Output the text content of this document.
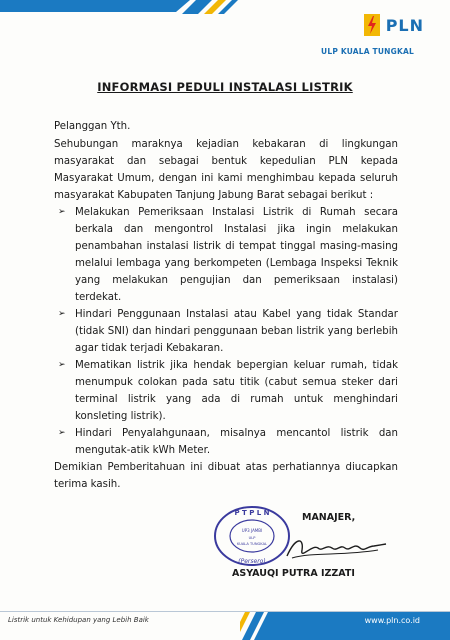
PLN
ULP KUALA TUNGKAL
INFORMASI PEDULI INSTALASI LISTRIK

Pelanggan Yth.

Sehubungan maraknya kejadian kebakaran di lingkungan masyarakat dan sebagai bentuk kepedulian PLN kepada Masyarakat Umum, dengan ini kami menghimbau kepada seluruh masyarakat Kabupaten Tanjung Jabung Barat sebagai berikut :

➢ Melakukan Pemeriksaan Instalasi Listrik di Rumah secara berkala dan mengontrol Instalasi jika ingin melakukan penambahan instalasi listrik di tempat tinggal masing-masing melalui lembaga yang berkompeten (Lembaga Inspeksi Teknik yang melakukan pengujian dan pemeriksaan instalasi) terdekat.
➢ Hindari Penggunaan Instalasi atau Kabel yang tidak Standar (tidak SNI) dan hindari penggunaan beban listrik yang berlebih agar tidak terjadi Kebakaran.
➢ Mematikan listrik jika hendak bepergian keluar rumah, tidak menumpuk colokan pada satu titik (cabut semua steker dari terminal listrik yang ada di rumah untuk menghindari konsleting listrik).
➢ Hindari Penyalahgunaan, misalnya mencantol listrik dan mengutak-atik kWh Meter.

Demikian Pemberitahuan ini dibuat atas perhatiannya diucapkan terima kasih.

P T P L N
(Persero)
UP3 JAMBI
ULP
KUALA TUNGKAL
MANAJER,
ASYAUQI PUTRA IZZATI
Listrik untuk Kehidupan yang Lebih Baik	www.pln.co.id
